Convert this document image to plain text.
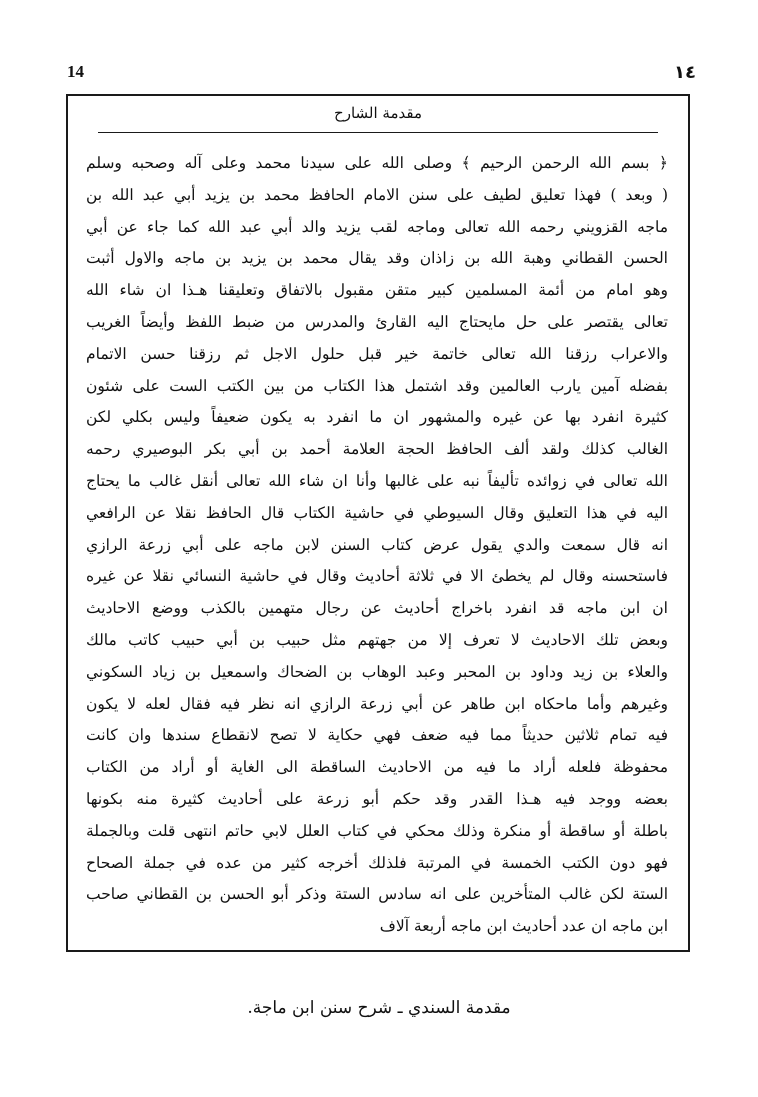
14	١٤
مقدمة الشارح
﴿ بسم الله الرحمن الرحيم ﴾ وصلى الله على سيدنا محمد وعلى آله وصحبه وسلم
( وبعد ) فهذا تعليق لطيف على سنن الامام الحافظ محمد بن يزيد أبي عبد الله بن
ماجه القزويني رحمه الله تعالى وماجه لقب يزيد والد أبي عبد الله كما جاء عن أبي
الحسن القطاني وهبة الله بن زاذان وقد يقال محمد بن يزيد بن ماجه والاول أثبت
وهو امام من أئمة المسلمين كبير متقن مقبول بالاتفاق وتعليقنا هـذا ان شاء الله
تعالى يقتصر على حل مايحتاج اليه القارئ والمدرس من ضبط اللفظ وأيضاً الغريب
والاعراب رزقنا الله تعالى خاتمة خير قبل حلول الاجل ثم رزقنا حسن الاتمام
بفضله آمين يارب العالمين وقد اشتمل هذا الكتاب من بين الكتب الست على شئون
كثيرة انفرد بها عن غيره والمشهور ان ما انفرد به يكون ضعيفاً وليس بكلي لكن
الغالب كذلك ولقد ألف الحافظ الحجة العلامة أحمد بن أبي بكر البوصيري رحمه
الله تعالى في زوائده تأليفاً نبه على غالبها وأنا ان شاء الله تعالى أنقل غالب ما يحتاج
اليه في هذا التعليق وقال السيوطي في حاشية الكتاب قال الحافظ نقلا عن الرافعي
انه قال سمعت والدي يقول عرض كتاب السنن لابن ماجه على أبي زرعة الرازي
فاستحسنه وقال لم يخطئ الا في ثلاثة أحاديث وقال في حاشية النسائي نقلا عن غيره
ان ابن ماجه قد انفرد باخراج أحاديث عن رجال متهمين بالكذب ووضع الاحاديث
وبعض تلك الاحاديث لا تعرف إلا من جهتهم مثل حبيب بن أبي حبيب كاتب مالك
والعلاء بن زيد وداود بن المحبر وعبد الوهاب بن الضحاك واسمعيل بن زياد السكوني
وغيرهم وأما ماحكاه ابن طاهر عن أبي زرعة الرازي انه نظر فيه فقال لعله لا يكون
فيه تمام ثلاثين حديثاً مما فيه ضعف فهي حكاية لا تصح لانقطاع سندها وان كانت
محفوظة فلعله أراد ما فيه من الاحاديث الساقطة الى الغاية أو أراد من الكتاب
بعضه ووجد فيه هـذا القدر وقد حكم أبو زرعة على أحاديث كثيرة منه بكونها
باطلة أو ساقطة أو منكرة وذلك محكي في كتاب العلل لابي حاتم انتهى قلت وبالجملة
فهو دون الكتب الخمسة في المرتبة فلذلك أخرجه كثير من عده في جملة الصحاح
الستة لكن غالب المتأخرين على انه سادس الستة وذكر أبو الحسن بن القطاني صاحب
ابن ماجه ان عدد أحاديث ابن ماجه أربعة آلاف
مقدمة السندي ـ شرح سنن ابن ماجة.
